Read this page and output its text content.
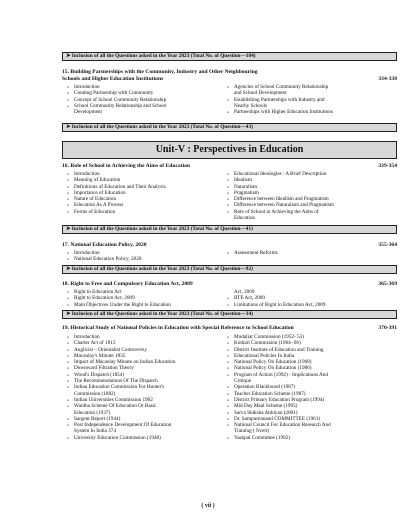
➤ Inclusion of all the Questions asked in the Year 2023 (Total No. of Question—184)
15. Building Partnerships with the Community, Industry and Other Neighbouring
Schools and Higher Education Institutions	334-338
» Introduction
» Creating Partnership with Community
» Concept of School Community Relationship
» School Community Relationship and School
Development
» Agencies of School Community Relationship
and School Development
» Establishing Partnerships with Industry and
Nearby Schools
» Partnerships with Higher Education Institutions
➤ Inclusion of all the Questions asked in the Year 2023 (Total No. of Question—43)
Unit-V : Perspectives in Education
16. Role of School in Achieving the Aims of Education	339-354
» Introduction
» Meaning of Education
» Definitions of Education and Their Analysis
» Importance of Education
» Nature of Education
» Education As A Process
» Forms of Education
» Educational Ideologies : A Brief Description
» Idealism
» Naturalism
» Pragmatism
» Difference between Idealism and Pragmatism
» Difference between Naturalism and Pragmatism
» Role of School in Achieving the Aims of
Education
➤ Inclusion of all the Questions asked in the Year 2023 (Total No. of Question—41)
17. National Education Policy, 2020	355-364
» Introduction
» National Education Policy, 2020
» Assessment Reforms
➤ Inclusion of all the Questions asked in the Year 2023 (Total No. of Question—92)
18. Right to Free and Compulsory Education Act, 2009	365-369
» Right to Education Act
» Right to Education Act, 2009
» Main Objectives Under the Right to Education
Act, 2009
» RTE Act, 2009
» Limitations of Right to Education Act, 2009
➤ Inclusion of all the Questions asked in the Year 2023 (Total No. of Question—34)
19. Historical Study of National Policies in Education with Special Reference to School Education	370-391
» Introduction
» Charter Act of 1813
» Anglicist – Orientalist Controversy
» Macaulay's Minute 1835
» Impact of Macaulay Minute on Indian Education
» Downward Filtration Theory
» Wood's Dispatch (1854)
» The Recommendations Of The Dispatch
» Indian Education Commission For Hunter's
Commission (1882)
» Indian Universities Commission 1902
» Wardha Scheme Of Education Or Basic
Education (1937)
» Sargent Report (1944)
» Post Independence Development Of Education
System In India 374
» University Education Commission (1948)
» Mudaliar Commission (1952- 53)
» Kothari Commission (1964- 66)
» District Institute of Education and Training
» Educational Policies In India
» National Policy On Education (1968)
» National Policy On Education (1986)
» Program of Action (1992) - Implications And
Critique
» Operation Blackboard (1987)
» Teacher Education Scheme (1987)
» District Primary Education Program (1994)
» Mid Day Meal Scheme (1995)
» Sarva Shiksha Abhiyan (2001)
» Dr. Sampurnanand COMMITTEE (1961)
» National Council For Education Research And
Training ( Ncert)
» Yashpal Committee (1992)
( vii )
